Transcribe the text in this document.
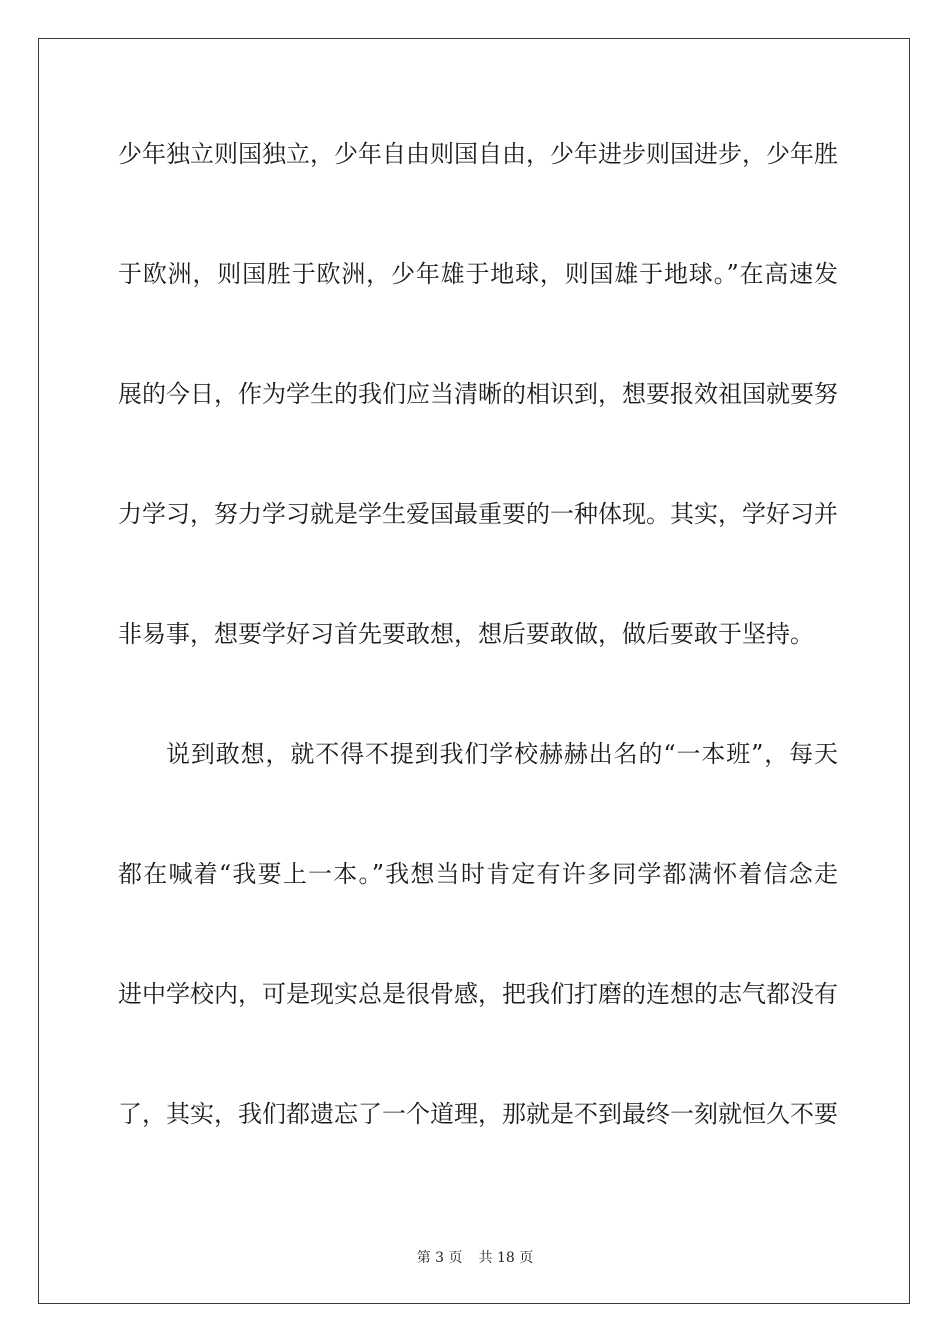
少年独立则国独立，少年自由则国自由，少年进步则国进步，少年胜
于欧洲，则国胜于欧洲，少年雄于地球，则国雄于地球。”在高速发
展的今日，作为学生的我们应当清晰的相识到，想要报效祖国就要努
力学习，努力学习就是学生爱国最重要的一种体现。其实，学好习并
非易事，想要学好习首先要敢想，想后要敢做，做后要敢于坚持。
说到敢想，就不得不提到我们学校赫赫出名的“一本班”，每天
都在喊着“我要上一本。”我想当时肯定有许多同学都满怀着信念走
进中学校内，可是现实总是很骨感，把我们打磨的连想的志气都没有
了，其实，我们都遗忘了一个道理，那就是不到最终一刻就恒久不要
第 3 页 共 18 页
